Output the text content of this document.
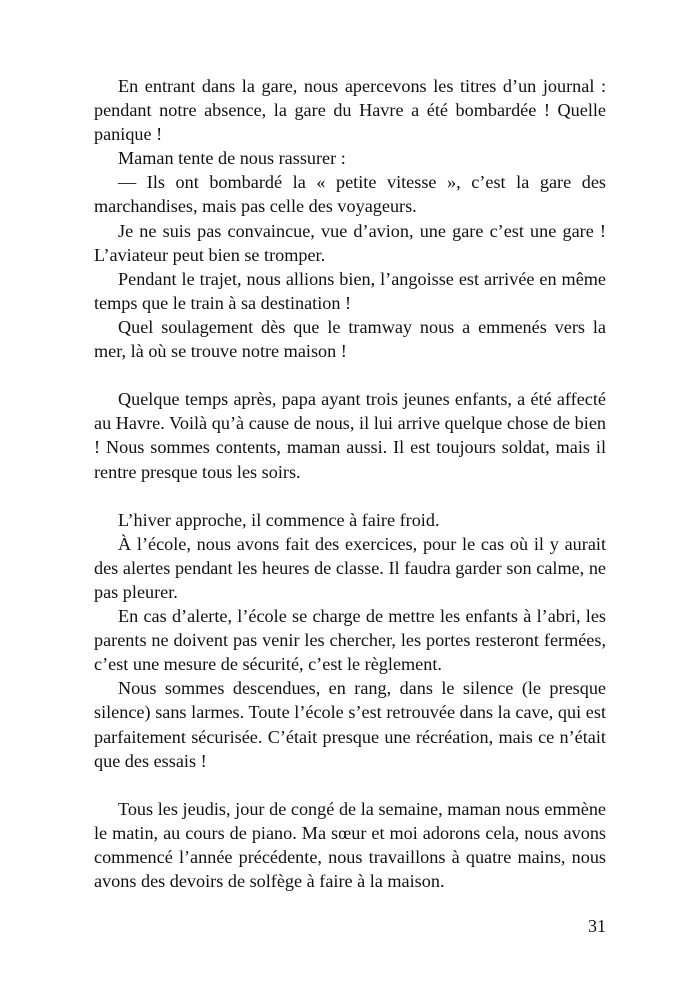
En entrant dans la gare, nous apercevons les titres d’un journal : pendant notre absence, la gare du Havre a été bombardée ! Quelle panique !

Maman tente de nous rassurer :

— Ils ont bombardé la « petite vitesse », c’est la gare des marchandises, mais pas celle des voyageurs.

Je ne suis pas convaincue, vue d’avion, une gare c’est une gare ! L’aviateur peut bien se tromper.

Pendant le trajet, nous allions bien, l’angoisse est arrivée en même temps que le train à sa destination !

Quel soulagement dès que le tramway nous a emmenés vers la mer, là où se trouve notre maison !

Quelque temps après, papa ayant trois jeunes enfants, a été affecté au Havre. Voilà qu’à cause de nous, il lui arrive quelque chose de bien ! Nous sommes contents, maman aussi. Il est toujours soldat, mais il rentre presque tous les soirs.

L’hiver approche, il commence à faire froid.

À l’école, nous avons fait des exercices, pour le cas où il y aurait des alertes pendant les heures de classe. Il faudra garder son calme, ne pas pleurer.

En cas d’alerte, l’école se charge de mettre les enfants à l’abri, les parents ne doivent pas venir les chercher, les portes resteront fermées, c’est une mesure de sécurité, c’est le règlement.

Nous sommes descendues, en rang, dans le silence (le presque silence) sans larmes. Toute l’école s’est retrouvée dans la cave, qui est parfaitement sécurisée. C’était presque une récréation, mais ce n’était que des essais !

Tous les jeudis, jour de congé de la semaine, maman nous emmène le matin, au cours de piano. Ma sœur et moi adorons cela, nous avons commencé l’année précédente, nous travaillons à quatre mains, nous avons des devoirs de solfège à faire à la maison.

31
